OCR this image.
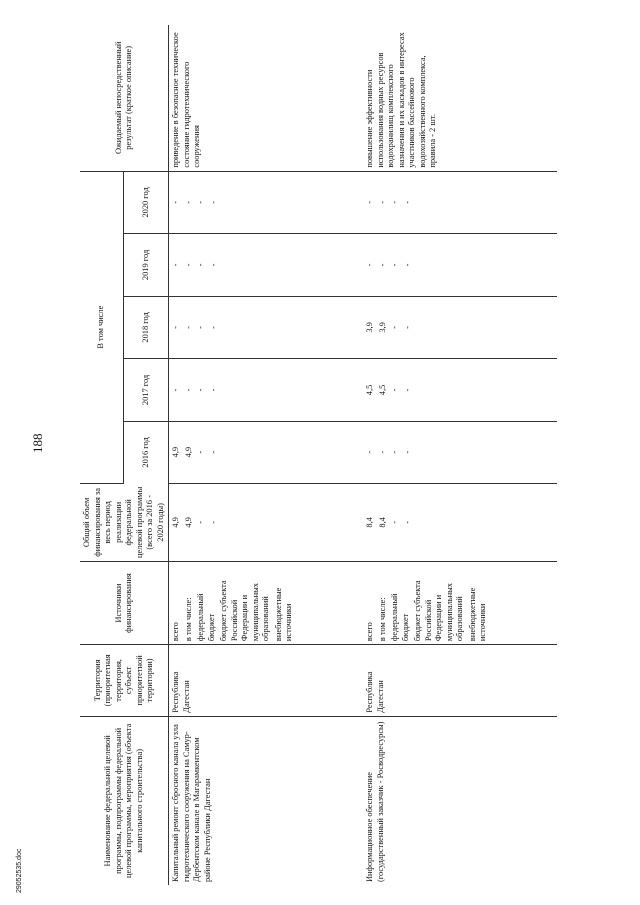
188
29052535.doc
Наименование федеральной целевой программы, подпрограммы федеральной целевой программы, мероприятия (объекта капитального строительства)	Территория (приоритетная территория, субъект приоритетной территории)	Источники финансирования	Общий объем финансирования за весь период реализации федеральной целевой программы (всего за 2016 - 2020 годы)	В том числе					Ожидаемый непосредственный результат (краткое описание)
				2016 год	2017 год	2018 год	2019 год	2020 год	
Капитальный ремонт сбросного канала узла гидротехнического сооружения на Самур-Дербентском канале в Магарамкентском районе Республики Дагестан	Республика Дагестан	всего в том числе: федеральный бюджет бюджет субъекта Российской Федерации и муниципальных образований внебюджетные источники	4,9 4,9 - -	4,9 4,9 - -	- - - -	- - - -	- - - -	- - - -	приведение в безопасное техническое состояние гидротехнического сооружения
Информационное обеспечение (государственный заказчик - Росводресурсы)	Республика Дагестан	всего в том числе: федеральный бюджет бюджет субъекта Российской Федерации и муниципальных образований внебюджетные источники	8,4 8,4 - -	- - - -	4,5 4,5 - -	3,9 3,9 - -	- - - -	- - - -	повышение эффективности использования водных ресурсов водохранилищ комплексного назначения и их каскадов в интересах участников бассейнового водохозяйственного комплекса, правила - 2 шт.
